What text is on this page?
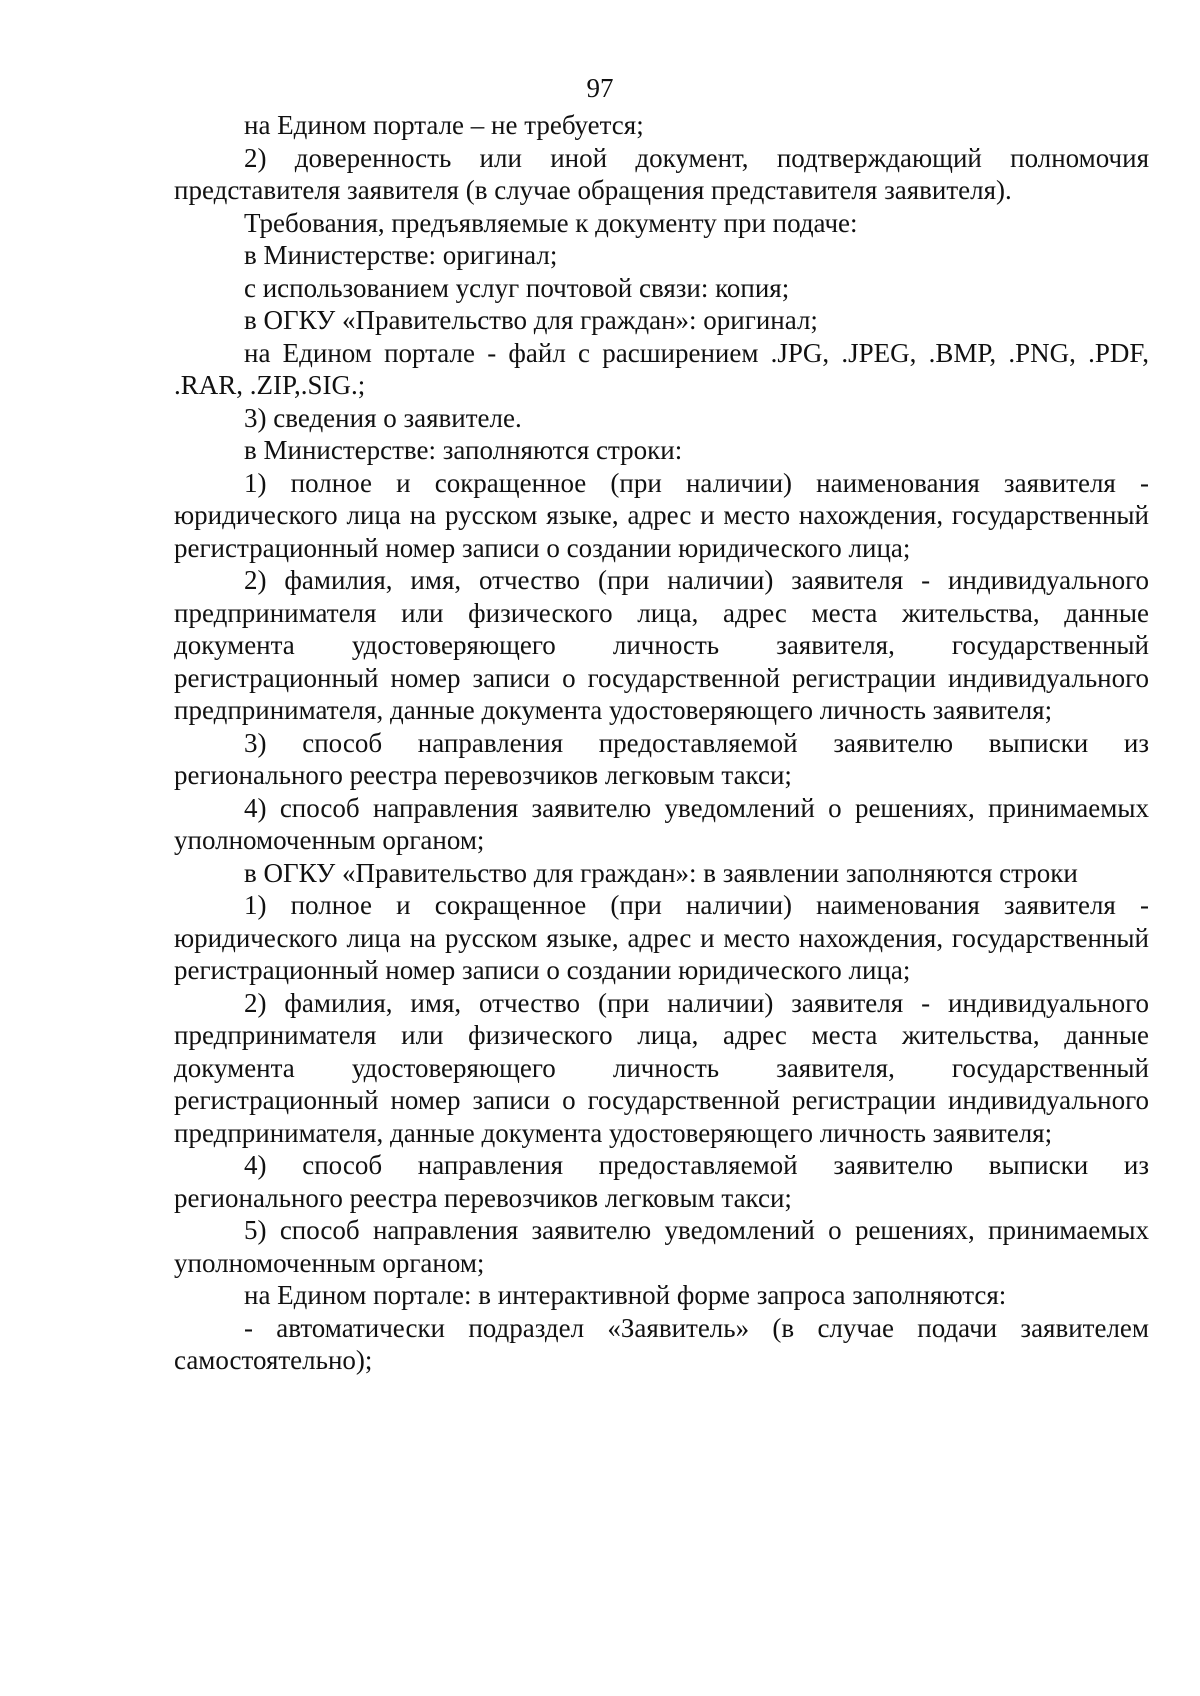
97

на Едином портале – не требуется;

2) доверенность или иной документ, подтверждающий полномочия представителя заявителя (в случае обращения представителя заявителя).

Требования, предъявляемые к документу при подаче:

в Министерстве: оригинал;

с использованием услуг почтовой связи: копия;

в ОГКУ «Правительство для граждан»: оригинал;

на Едином портале - файл с расширением .JPG, .JPEG, .BMP, .PNG, .PDF, .RAR, .ZIP,.SIG.;

3) сведения о заявителе.

в Министерстве: заполняются строки:

1) полное и сокращенное (при наличии) наименования заявителя - юридического лица на русском языке, адрес и место нахождения, государственный регистрационный номер записи о создании юридического лица;

2) фамилия, имя, отчество (при наличии) заявителя - индивидуального предпринимателя или физического лица, адрес места жительства, данные документа удостоверяющего личность заявителя, государственный регистрационный номер записи о государственной регистрации индивидуального предпринимателя, данные документа удостоверяющего личность заявителя;

3) способ направления предоставляемой заявителю выписки из регионального реестра перевозчиков легковым такси;

4) способ направления заявителю уведомлений о решениях, принимаемых уполномоченным органом;

в ОГКУ «Правительство для граждан»: в заявлении заполняются строки

1) полное и сокращенное (при наличии) наименования заявителя - юридического лица на русском языке, адрес и место нахождения, государственный регистрационный номер записи о создании юридического лица;

2) фамилия, имя, отчество (при наличии) заявителя - индивидуального предпринимателя или физического лица, адрес места жительства, данные документа удостоверяющего личность заявителя, государственный регистрационный номер записи о государственной регистрации индивидуального предпринимателя, данные документа удостоверяющего личность заявителя;

4) способ направления предоставляемой заявителю выписки из регионального реестра перевозчиков легковым такси;

5) способ направления заявителю уведомлений о решениях, принимаемых уполномоченным органом;

на Едином портале: в интерактивной форме запроса заполняются:

- автоматически подраздел «Заявитель» (в случае подачи заявителем самостоятельно);
